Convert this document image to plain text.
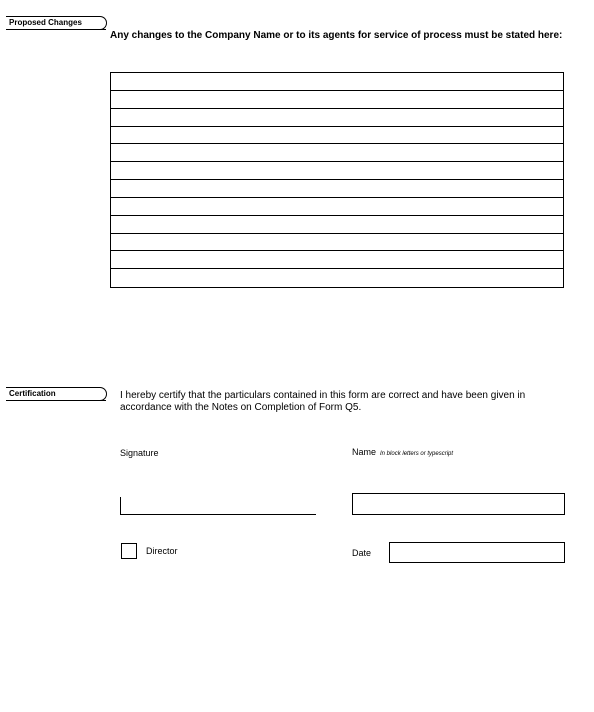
Proposed Changes
Any changes to the Company Name or to its agents for service of process must be stated here:
Certification	I hereby certify that the particulars contained in this form are correct and have been given in accordance with the Notes on Completion of Form Q5.
Signature	Name In block letters or typescript
Director	Date
